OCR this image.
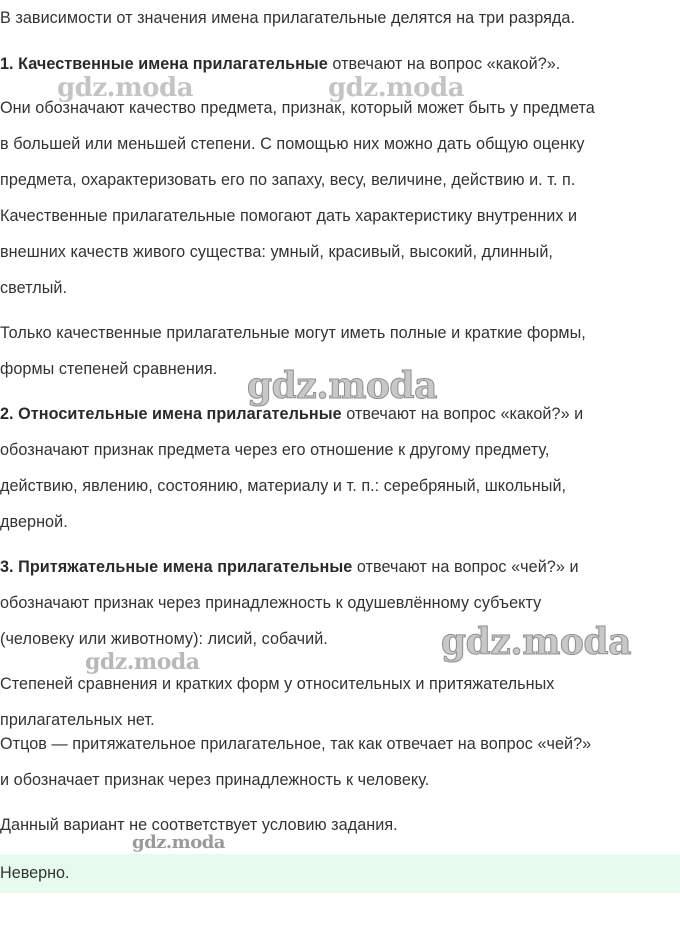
В зависимости от значения имена прилагательные делятся на три разряда.
1. Качественные имена прилагательные отвечают на вопрос «какой?».
Они обозначают качество предмета, признак, который может быть у предмета
в большей или меньшей степени. С помощью них можно дать общую оценку
предмета, охарактеризовать его по запаху, весу, величине, действию и. т. п.
Качественные прилагательные помогают дать характеристику внутренних и
внешних качеств живого существа: умный, красивый, высокий, длинный,
светлый.
Только качественные прилагательные могут иметь полные и краткие формы,
формы степеней сравнения.
2. Относительные имена прилагательные отвечают на вопрос «какой?» и
обозначают признак предмета через его отношение к другому предмету,
действию, явлению, состоянию, материалу и т. п.: серебряный, школьный,
дверной.
3. Притяжательные имена прилагательные отвечают на вопрос «чей?» и
обозначают признак через принадлежность к одушевлённому субъекту
(человеку или животному): лисий, собачий.
Степеней сравнения и кратких форм у относительных и притяжательных
прилагательных нет.
Отцов — притяжательное прилагательное, так как отвечает на вопрос «чей?»
и обозначает признак через принадлежность к человеку.
Данный вариант не соответствует условию задания.
Неверно.
gdz.moda	gdz.moda
gdz.moda
gdz.moda
gdz.moda
gdz.moda
